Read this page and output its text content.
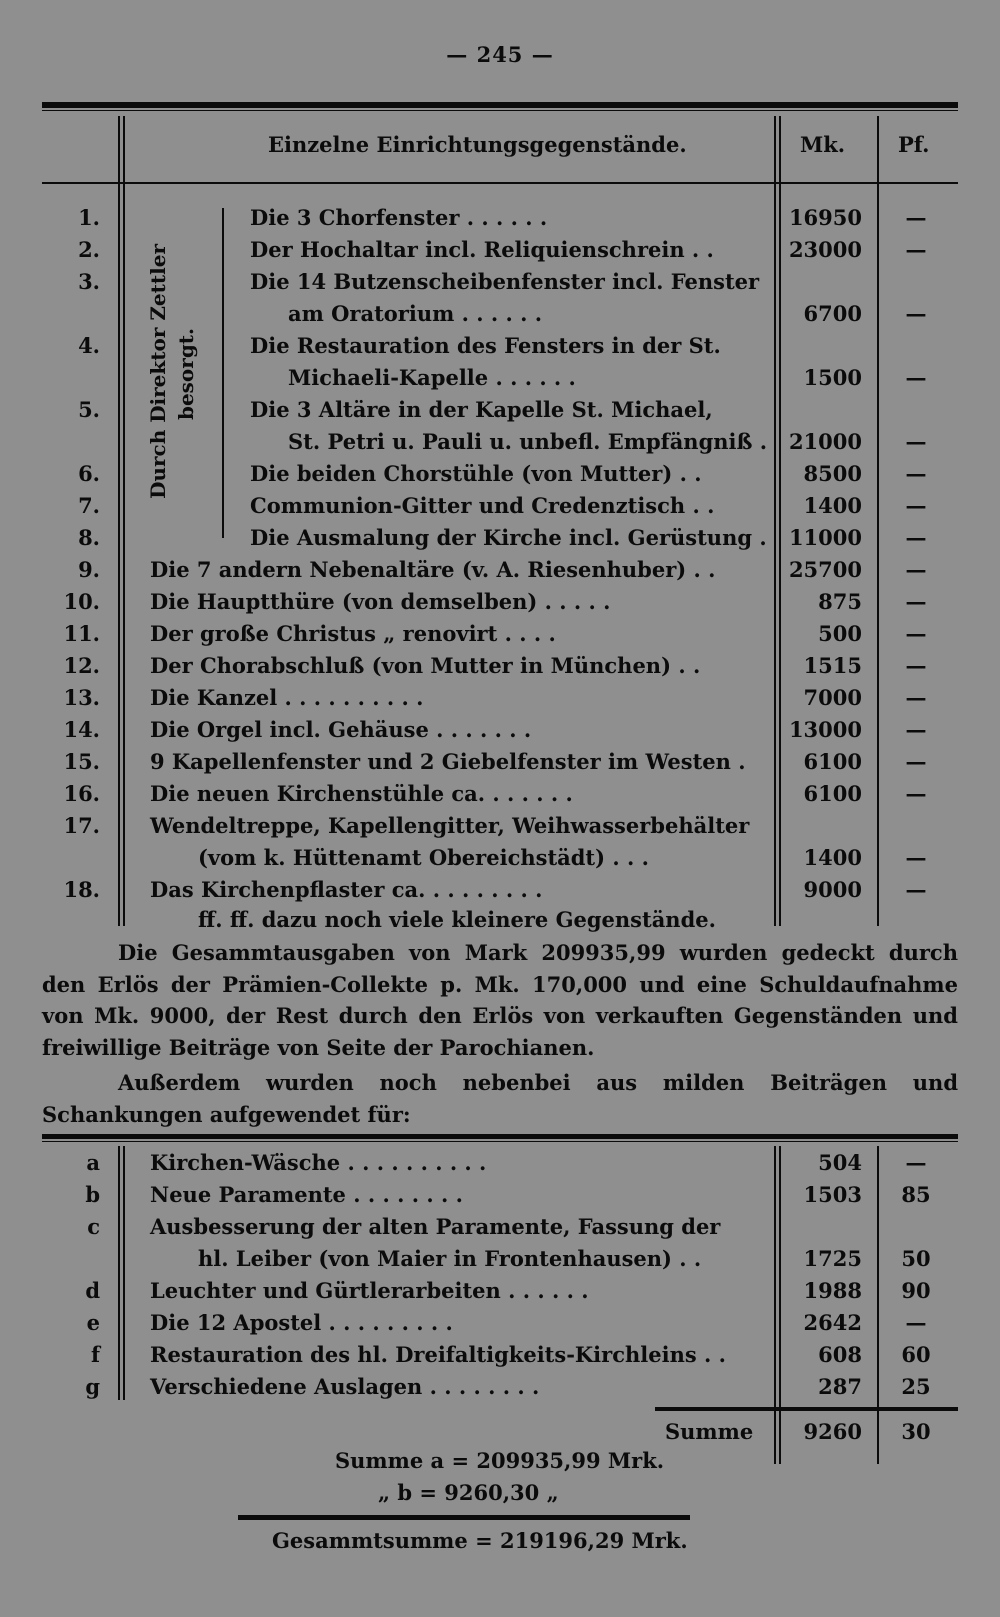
— 245 —
Einzelne Einrichtungsgegenstände.	Mk.	Pf.
Durch Direktor Zettler besorgt.
1.	Die 3 Chorfenster . . . . . .	16950	—
2.	Der Hochaltar incl. Reliquienschrein . .	23000	—
3.	Die 14 Butzenscheibenfenster incl. Fenster
am Oratorium . . . . . .	6700	—
4.	Die Restauration des Fensters in der St.
Michaeli-Kapelle . . . . . .	1500	—
5.	Die 3 Altäre in der Kapelle St. Michael,
St. Petri u. Pauli u. unbefl. Empfängniß .	21000	—
6.	Die beiden Chorstühle (von Mutter) . .	8500	—
7.	Communion-Gitter und Credenztisch . .	1400	—
8.	Die Ausmalung der Kirche incl. Gerüstung .	11000	—
9. Die 7 andern Nebenaltäre (v. A. Riesenhuber) . .	25700	—
10. Die Hauptthüre (von demselben) . . . . .	875	—
11. Der große Christus „ renovirt . . . .	500	—
12. Der Chorabschluß (von Mutter in München) . .	1515	—
13. Die Kanzel . . . . . . . . . .	7000	—
14. Die Orgel incl. Gehäuse . . . . . . .	13000	—
15. 9 Kapellenfenster und 2 Giebelfenster im Westen .	6100	—
16. Die neuen Kirchenstühle ca. . . . . . .	6100	—
17. Wendeltreppe, Kapellengitter, Weihwasserbehälter
(vom k. Hüttenamt Obereichstädt) . . .	1400	—
18. Das Kirchenpflaster ca. . . . . . . . .	9000	—
ff. ff. dazu noch viele kleinere Gegenstände.
Die Gesammtausgaben von Mark 209935,99 wurden gedeckt durch den Erlös der Prämien-Collekte p. Mk. 170,000 und eine Schuldaufnahme von Mk. 9000, der Rest durch den Erlös von verkauften Gegenständen und freiwillige Beiträge von Seite der Parochianen.
Außerdem wurden noch nebenbei aus milden Beiträgen und Schankungen aufgewendet für:
a Kirchen-Wäsche . . . . . . . . . .	504	—
b Neue Paramente . . . . . . . .	1503	85
c Ausbesserung der alten Paramente, Fassung der
hl. Leiber (von Maier in Frontenhausen) . .	1725	50
d Leuchter und Gürtlerarbeiten . . . . . .	1988	90
e Die 12 Apostel . . . . . . . . .	2642	—
f Restauration des hl. Dreifaltigkeits-Kirchleins . .	608	60
g Verschiedene Auslagen . . . . . . . .	287	25
Summe	9260	30
Summe a = 209935,99 Mrk.
„ b = 9260,30 „
Gesammtsumme = 219196,29 Mrk.
